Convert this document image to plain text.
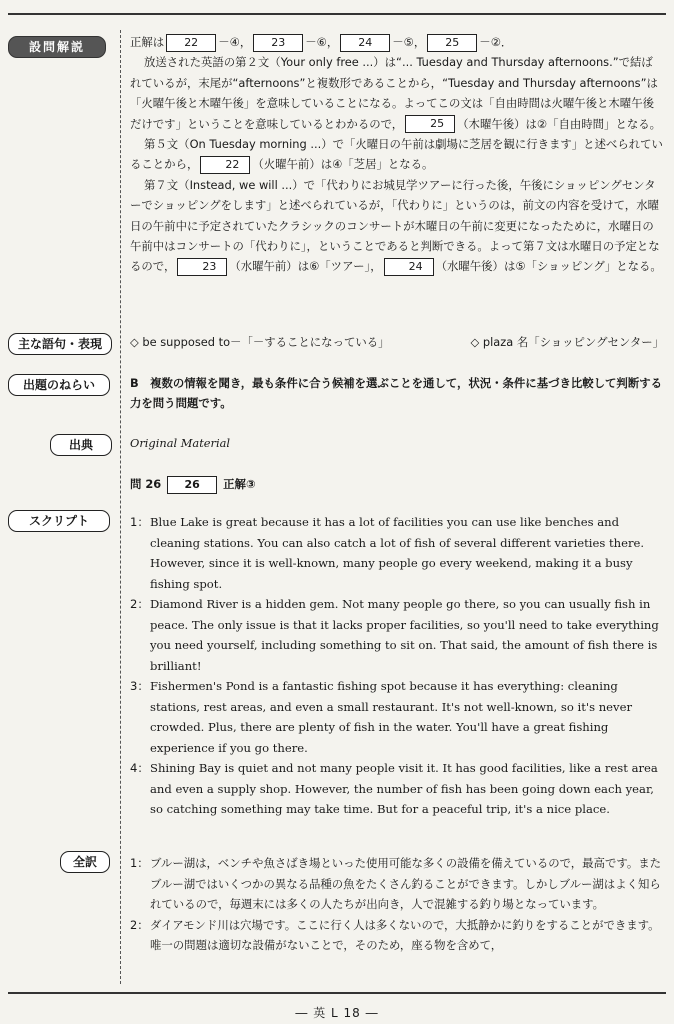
設問解説
主な語句・表現
出題のねらい
出典
スクリプト
全訳

正解は 22 －④， 23 －⑥， 24 －⑤， 25 －②．

放送された英語の第２文（Your only free ...）は“... Tuesday and Thursday afternoons.”で結ばれているが，末尾が“afternoons”と複数形であることから，“Tuesday and Thursday afternoons”は「火曜午後と木曜午後」を意味していることになる。よってこの文は「自由時間は火曜午後と木曜午後だけです」ということを意味しているとわかるので， 25 （木曜午後）は②「自由時間」となる。

第５文（On Tuesday morning ...）で「火曜日の午前は劇場に芝居を観に行きます」と述べられていることから， 22 （火曜午前）は④「芝居」となる。

第７文（Instead, we will ...）で「代わりにお城見学ツアーに行った後，午後にショッピングセンターでショッピングをします」と述べられているが，「代わりに」というのは，前文の内容を受けて，水曜日の午前中に予定されていたクラシックのコンサートが木曜日の午前に変更になったために，水曜日の午前中はコンサートの「代わりに」，ということであると判断できる。よって第７文は水曜日の予定となるので， 23 （水曜午前）は⑥「ツアー」， 24 （水曜午後）は⑤「ショッピング」となる。

◇ be supposed to－「－することになっている」	◇ plaza 名「ショッピングセンター」
B　 複数の情報を聞き，最も条件に合う候補を選ぶことを通して，状況・条件に基づき比較して判断する力を問う問題です。
Original Material
問 26 26 正解③
1： Blue Lake is great because it has a lot of facilities you can use like benches and cleaning stations. You can also catch a lot of fish of several different varieties there. However, since it is well-known, many people go every weekend, making it a busy fishing spot.
2： Diamond River is a hidden gem. Not many people go there, so you can usually fish in peace. The only issue is that it lacks proper facilities, so you'll need to take everything you need yourself, including something to sit on. That said, the amount of fish there is brilliant!
3： Fishermen's Pond is a fantastic fishing spot because it has everything: cleaning stations, rest areas, and even a small restaurant. It's not well-known, so it's never crowded. Plus, there are plenty of fish in the water. You'll have a great fishing experience if you go there.
4： Shining Bay is quiet and not many people visit it. It has good facilities, like a rest area and even a supply shop. However, the number of fish has been going down each year, so catching something may take time. But for a peaceful trip, it's a nice place.
1： ブルー湖は，ベンチや魚さばき場といった使用可能な多くの設備を備えているので，最高です。またブルー湖ではいくつかの異なる品種の魚をたくさん釣ることができます。しかしブルー湖はよく知られているので，毎週末には多くの人たちが出向き，人で混雑する釣り場となっています。
2： ダイアモンド川は穴場です。ここに行く人は多くないので，大抵静かに釣りをすることができます。唯一の問題は適切な設備がないことで，そのため，座る物を含めて，
― 英 L 18 ―
